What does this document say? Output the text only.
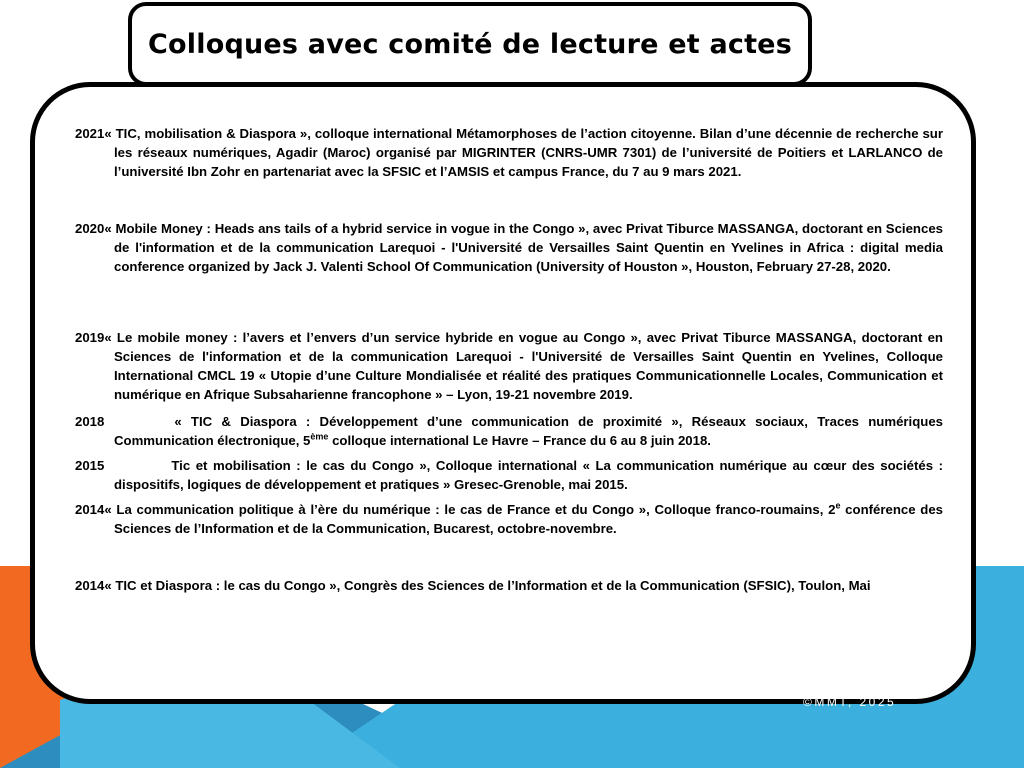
Colloques avec comité de lecture et actes
2021« TIC, mobilisation & Diaspora », colloque international Métamorphoses de l’action citoyenne. Bilan d’une décennie de recherche sur les réseaux numériques, Agadir (Maroc) organisé par MIGRINTER (CNRS-UMR 7301) de l’université de Poitiers et LARLANCO de l’université Ibn Zohr en partenariat avec la SFSIC et l’AMSIS et campus France, du 7 au 9 mars 2021.
2020« Mobile Money : Heads ans tails of a hybrid service in vogue in the Congo », avec Privat Tiburce MASSANGA, doctorant en Sciences de l'information et de la communication Larequoi - l'Université de Versailles Saint Quentin en Yvelines in Africa : digital media conference organized by Jack J. Valenti School Of Communication (University of Houston », Houston, February 27-28, 2020.
2019« Le mobile money : l’avers et l’envers d’un service hybride en vogue au Congo », avec Privat Tiburce MASSANGA, doctorant en Sciences de l'information et de la communication Larequoi - l'Université de Versailles Saint Quentin en Yvelines, Colloque International CMCL 19 « Utopie d’une Culture Mondialisée et réalité des pratiques Communicationnelle Locales, Communication et numérique en Afrique Subsaharienne francophone » – Lyon, 19-21 novembre 2019.
2018	« TIC & Diaspora : Développement d’une communication de proximité », Réseaux sociaux, Traces numériques Communication électronique, 5ème colloque international Le Havre – France du 6 au 8 juin 2018.
2015	Tic et mobilisation : le cas du Congo », Colloque international « La communication numérique au cœur des sociétés : dispositifs, logiques de développement et pratiques » Gresec-Grenoble, mai 2015.
2014« La communication politique à l’ère du numérique : le cas de France et du Congo », Colloque franco-roumains, 2e conférence des Sciences de l’Information et de la Communication, Bucarest, octobre-novembre.
2014« TIC et Diaspora : le cas du Congo », Congrès des Sciences de l’Information et de la Communication (SFSIC), Toulon, Mai
©MMT, 2025
